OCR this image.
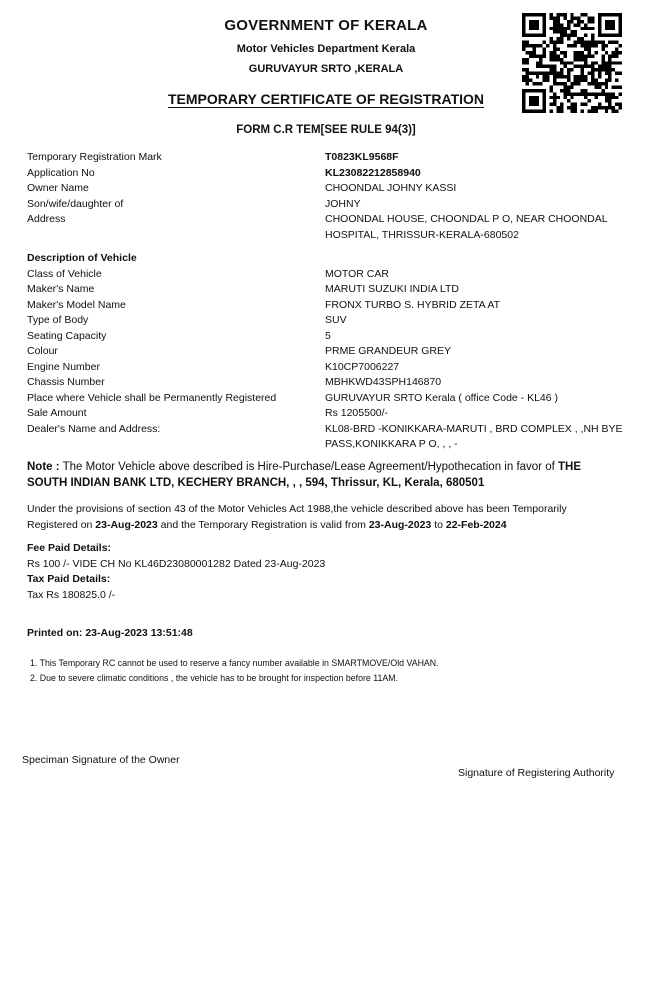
GOVERNMENT OF KERALA
Motor Vehicles Department Kerala
GURUVAYUR SRTO ,KERALA
TEMPORARY CERTIFICATE OF REGISTRATION
FORM C.R TEM[SEE RULE 94(3)]
Temporary Registration Mark	T0823KL9568F
Application No	KL23082212858940
Owner Name	CHOONDAL JOHNY KASSI
Son/wife/daughter of	JOHNY
Address	CHOONDAL HOUSE, CHOONDAL P O, NEAR CHOONDAL HOSPITAL, THRISSUR-KERALA-680502
Description of Vehicle
Class of Vehicle	MOTOR CAR
Maker's Name	MARUTI SUZUKI INDIA LTD
Maker's Model Name	FRONX TURBO S. HYBRID ZETA AT
Type of Body	SUV
Seating Capacity	5
Colour	PRME GRANDEUR GREY
Engine Number	K10CP7006227
Chassis Number	MBHKWD43SPH146870
Place where Vehicle shall be Permanently Registered	GURUVAYUR SRTO Kerala ( office Code - KL46 )
Sale Amount	Rs 1205500/-
Dealer's Name and Address:	KL08-BRD -KONIKKARA-MARUTI , BRD COMPLEX , ,NH BYE PASS,KONIKKARA P O, , , -
Note : The Motor Vehicle above described is Hire-Purchase/Lease Agreement/Hypothecation in favor of THE SOUTH INDIAN BANK LTD, KECHERY BRANCH, , , 594, Thrissur, KL, Kerala, 680501
Under the provisions of section 43 of the Motor Vehicles Act 1988,the vehicle described above has been Temporarily Registered on 23-Aug-2023 and the Temporary Registration is valid from 23-Aug-2023 to 22-Feb-2024
Fee Paid Details:
Rs 100 /- VIDE CH No KL46D23080001282 Dated 23-Aug-2023
Tax Paid Details:
Tax Rs 180825.0 /-
Printed on: 23-Aug-2023 13:51:48
1. This Temporary RC cannot be used to reserve a fancy number available in SMARTMOVE/Old VAHAN.
2. Due to severe climatic conditions , the vehicle has to be brought for inspection before 11AM.
Speciman Signature of the Owner
Signature of Registering Authority
